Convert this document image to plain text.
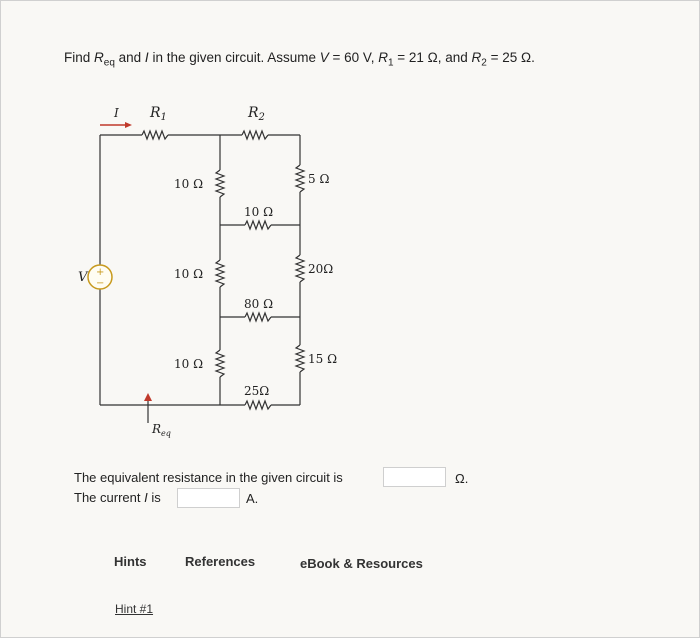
Find $R_{eq}$ and I in the given circuit. Assume V = 60 V, $R_1 = 21$ Ω, and $R_2 = 25$ Ω.
I $R_1$	$R_2$
V +
−
$R_{eq}$
10 Ω
10 Ω
10 Ω
10 Ω
80 Ω
25Ω
5 Ω
20Ω
15 Ω
The equivalent resistance in the given circuit is	Ω.
The current I is	A.
Hints	References	eBook & Resources
Hint #1
